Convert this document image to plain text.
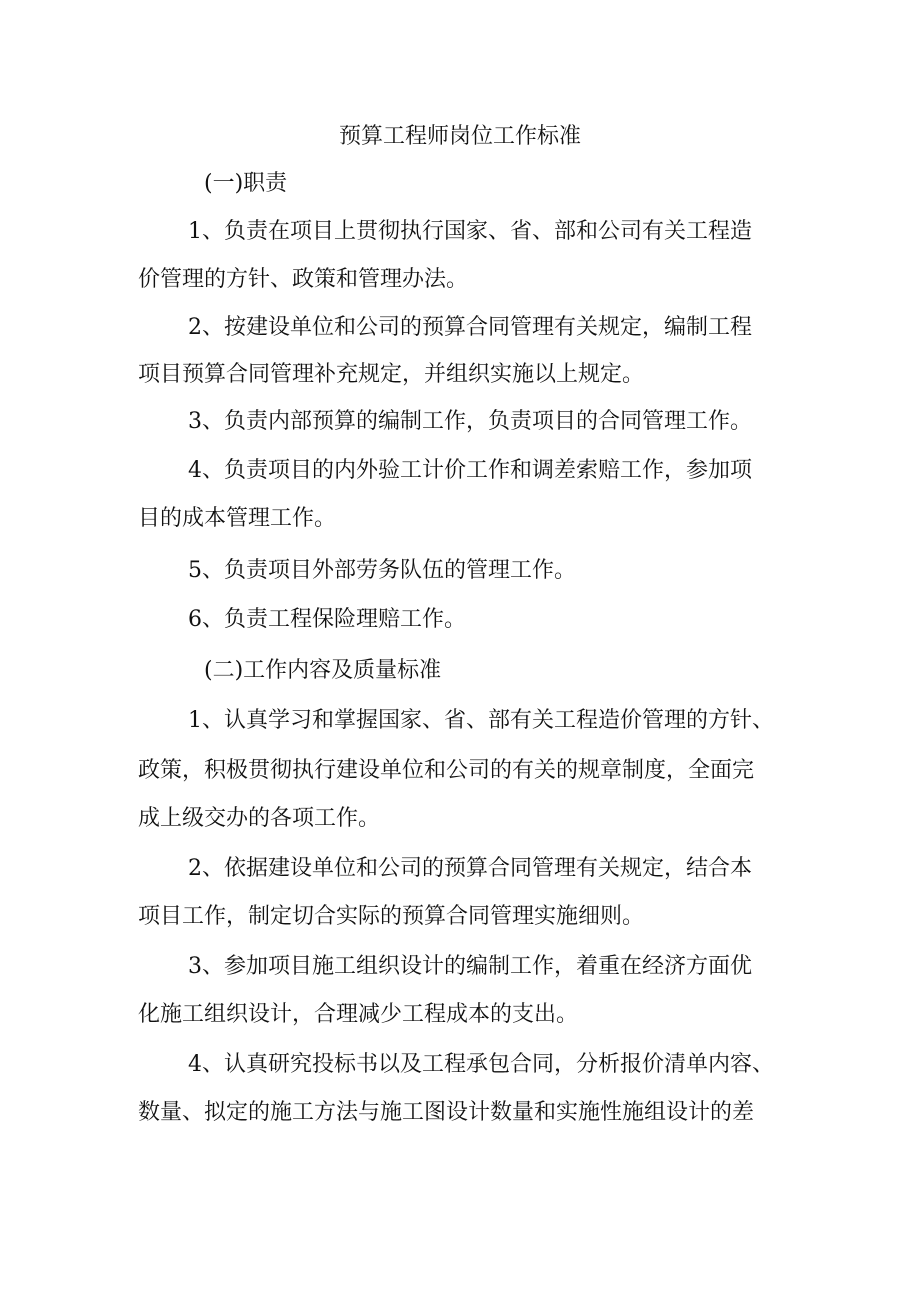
预算工程师岗位工作标准
(一)职责
1、负责在项目上贯彻执行国家、省、部和公司有关工程造
价管理的方针、政策和管理办法。
2、按建设单位和公司的预算合同管理有关规定，编制工程
项目预算合同管理补充规定，并组织实施以上规定。
3、负责内部预算的编制工作，负责项目的合同管理工作。
4、负责项目的内外验工计价工作和调差索赔工作，参加项
目的成本管理工作。
5、负责项目外部劳务队伍的管理工作。
6、负责工程保险理赔工作。
(二)工作内容及质量标准
1、认真学习和掌握国家、省、部有关工程造价管理的方针、
政策，积极贯彻执行建设单位和公司的有关的规章制度，全面完
成上级交办的各项工作。
2、依据建设单位和公司的预算合同管理有关规定，结合本
项目工作，制定切合实际的预算合同管理实施细则。
3、参加项目施工组织设计的编制工作，着重在经济方面优
化施工组织设计，合理减少工程成本的支出。
4、认真研究投标书以及工程承包合同，分析报价清单内容、
数量、拟定的施工方法与施工图设计数量和实施性施组设计的差
